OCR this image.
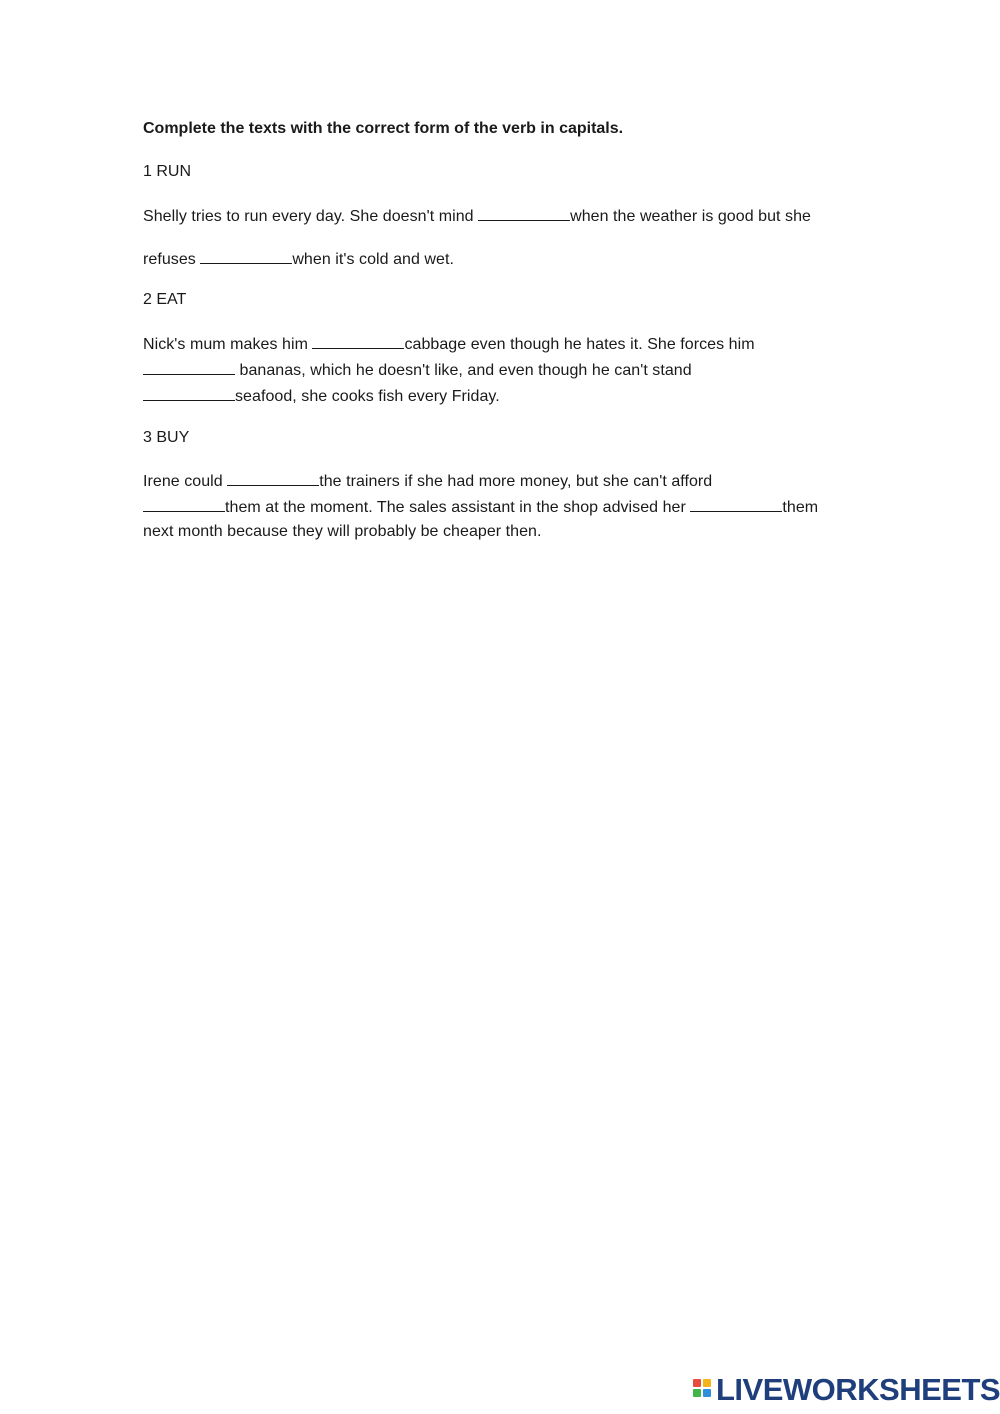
Complete the texts with the correct form of the verb in capitals.
1 RUN
Shelly tries to run every day. She doesn't mind	when the weather is good but she
refuses	when it's cold and wet.
2 EAT
Nick's mum makes him	cabbage even though he hates it. She forces him
bananas, which he doesn't like, and even though he can't stand
seafood, she cooks fish every Friday.
3 BUY
Irene could	the trainers if she had more money, but she can't afford
them at the moment. The sales assistant in the shop advised her	them
next month because they will probably be cheaper then.
LIVEWORKSHEETS
